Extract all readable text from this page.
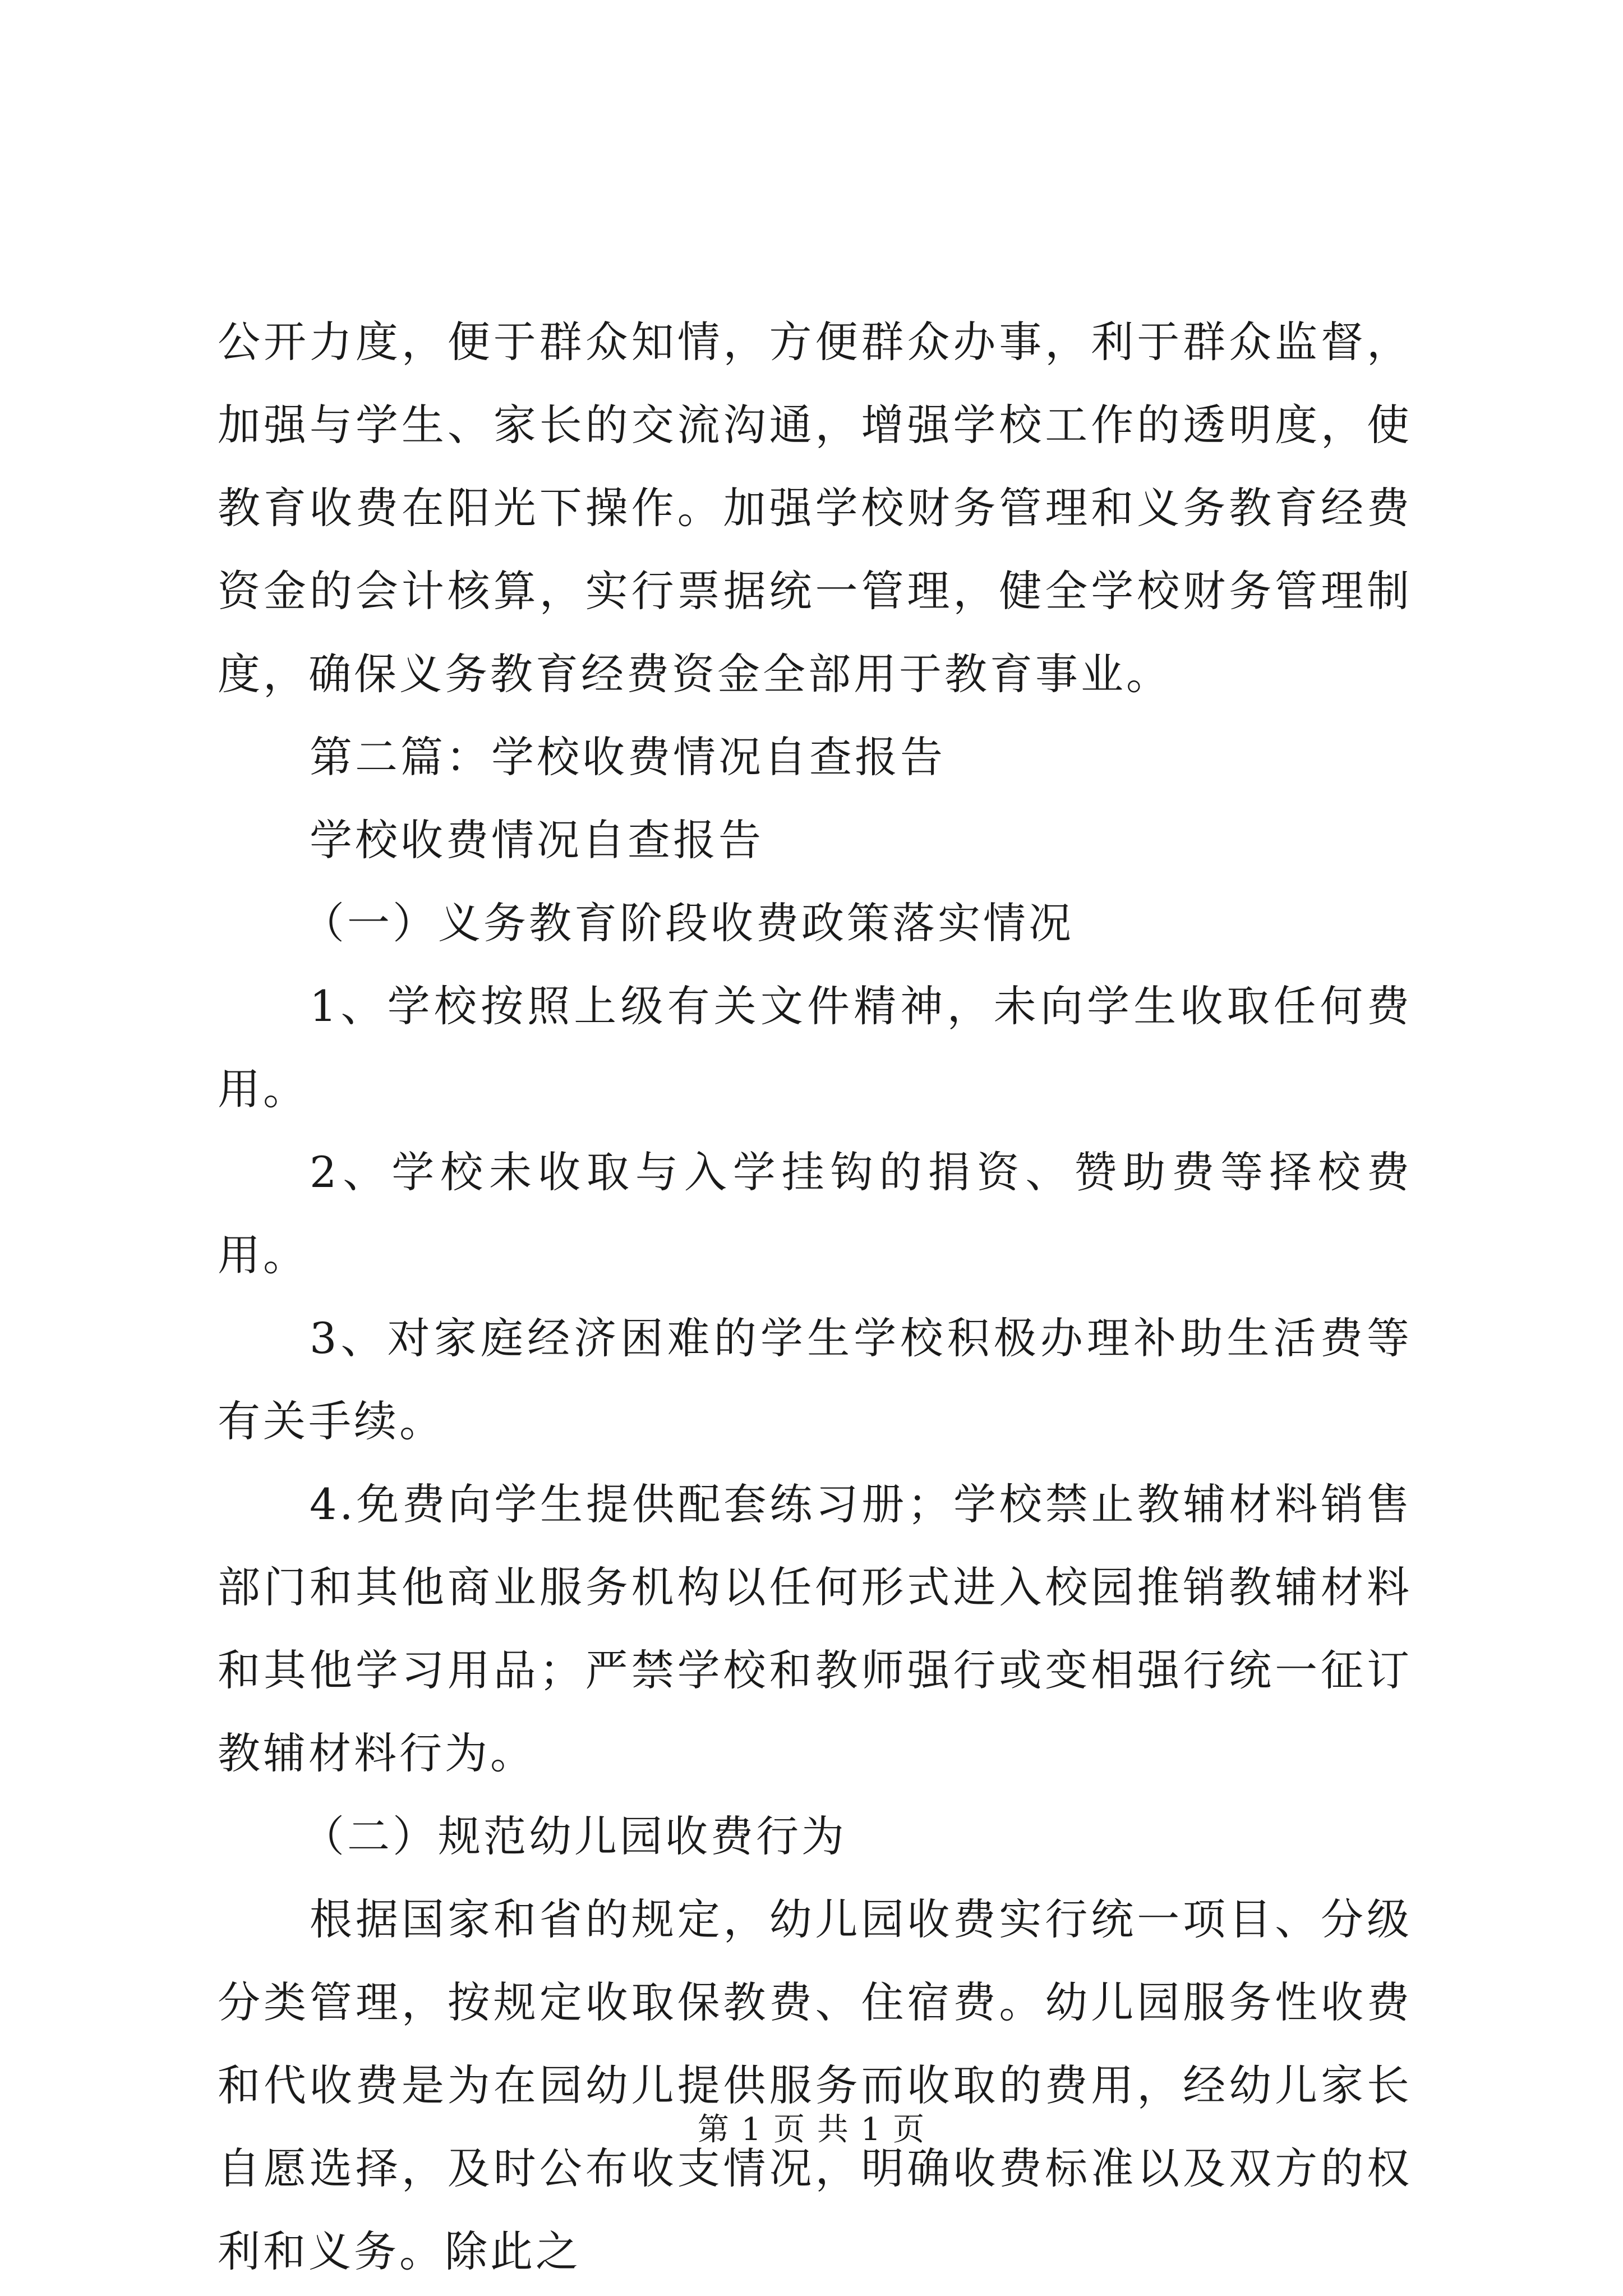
公开力度，便于群众知情，方便群众办事，利于群众监督，加强与学生、家长的交流沟通，增强学校工作的透明度，使教育收费在阳光下操作。加强学校财务管理和义务教育经费资金的会计核算，实行票据统一管理，健全学校财务管理制度，确保义务教育经费资金全部用于教育事业。

第二篇：学校收费情况自查报告

学校收费情况自查报告

（一）义务教育阶段收费政策落实情况

1、学校按照上级有关文件精神，未向学生收取任何费用。

2、学校未收取与入学挂钩的捐资、赞助费等择校费用。

3、对家庭经济困难的学生学校积极办理补助生活费等有关手续。

4.免费向学生提供配套练习册；学校禁止教辅材料销售部门和其他商业服务机构以任何形式进入校园推销教辅材料和其他学习用品；严禁学校和教师强行或变相强行统一征订教辅材料行为。

（二）规范幼儿园收费行为

根据国家和省的规定，幼儿园收费实行统一项目、分级分类管理，按规定收取保教费、住宿费。幼儿园服务性收费和代收费是为在园幼儿提供服务而收取的费用，经幼儿家长自愿选择，及时公布收支情况，明确收费标准以及双方的权利和义务。除此之

第 1 页 共 1 页
